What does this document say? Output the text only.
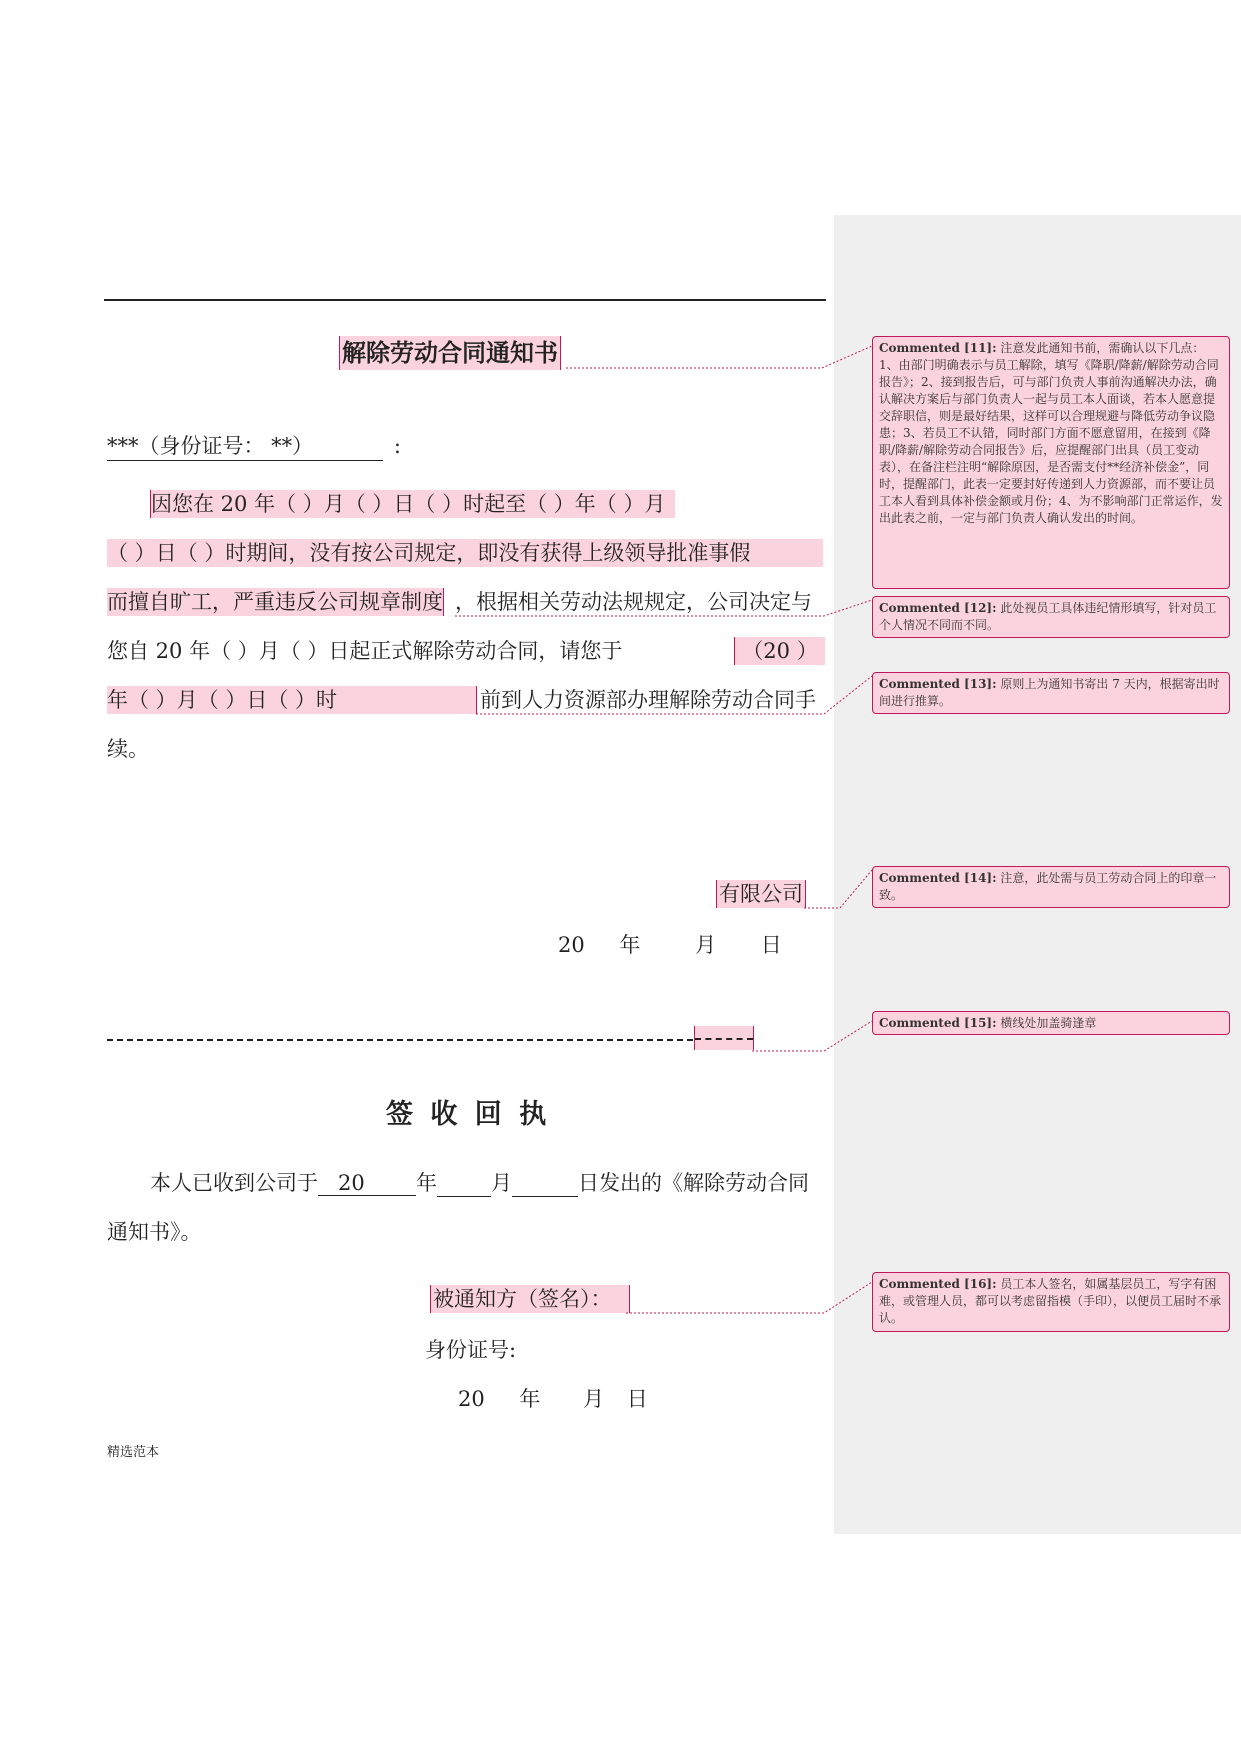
解除劳动合同通知书
***（身份证号： **）	:
因您在 20 年（ ）月（ ）日（ ）时起至（ ）年（ ）月
（ ）日（ ）时期间，没有按公司规定，即没有获得上级领导批准事假
而擅自旷工，严重违反公司规章制度 ，根据相关劳动法规规定，公司决定与
您自 20 年（ ）月（ ）日起正式解除劳动合同，请您于	（20 ）
年（ ）月（ ）日（ ）时	前到人力资源部办理解除劳动合同手
续。
有限公司
20 年	月 日
签 收 回 执
本人已收到公司于 20 年	月	日发出的《解除劳动合同
通知书》。
被通知方（签名）：
身份证号:
20 年 月 日
精选范本
Commented [11]: 注意发此通知书前，需确认以下几点：1、由部门明确表示与员工解除，填写《降职/降薪/解除劳动合同报告》；2、接到报告后，可与部门负责人事前沟通解决办法，确认解决方案后与部门负责人一起与员工本人面谈，若本人愿意提交辞职信，则是最好结果，这样可以合理规避与降低劳动争议隐患；3、若员工不认错，同时部门方面不愿意留用，在接到《降职/降薪/解除劳动合同报告》后，应提醒部门出具（员工变动表），在备注栏注明“解除原因，是否需支付**经济补偿金”，同时，提醒部门，此表一定要封好传递到人力资源部，而不要让员工本人看到具体补偿金额或月份；4、为不影响部门正常运作，发出此表之前，一定与部门负责人确认发出的时间。
Commented [12]: 此处视员工具体违纪情形填写，针对员工个人情况不同而不同。
Commented [13]: 原则上为通知书寄出 7 天内，根据寄出时间进行推算。
Commented [14]: 注意，此处需与员工劳动合同上的印章一致。
Commented [15]: 横线处加盖骑逢章
Commented [16]: 员工本人签名，如属基层员工，写字有困难，或管理人员，都可以考虑留指模（手印），以便员工届时不承认。
